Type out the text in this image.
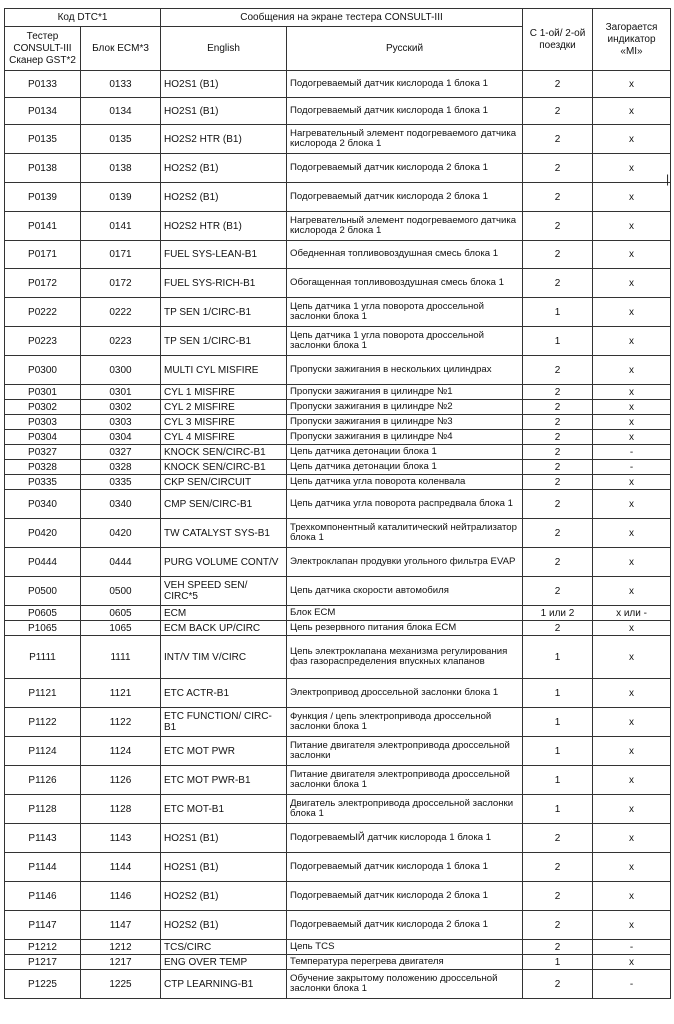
Код DTC*1		Сообщения на экране тестера CONSULT-III		С 1-ой/ 2-ой поездки	Загорается индикатор «MI»
Тестер CONSULT-III Сканер GST*2	Блок ECM*3	English	Русский		
P0133	0133	HO2S1 (B1)	Подогреваемый датчик кислорода 1 блока 1	2	x
P0134	0134	HO2S1 (B1)	Подогреваемый датчик кислорода 1 блока 1	2	x
P0135	0135	HO2S2 HTR (B1)	Нагревательный элемент подогреваемого датчика кислорода 2 блока 1	2	x
P0138	0138	HO2S2 (B1)	Подогреваемый датчик кислорода 2 блока 1	2	x
P0139	0139	HO2S2 (B1)	Подогреваемый датчик кислорода 2 блока 1	2	x
P0141	0141	HO2S2 HTR (B1)	Нагревательный элемент подогреваемого датчика кислорода 2 блока 1	2	x
P0171	0171	FUEL SYS-LEAN-B1	Обедненная топливовоздушная смесь блока 1	2	x
P0172	0172	FUEL SYS-RICH-B1	Обогащенная топливовоздушная смесь блока 1	2	x
P0222	0222	TP SEN 1/CIRC-B1	Цепь датчика 1 угла поворота дроссельной заслонки блока 1	1	x
P0223	0223	TP SEN 1/CIRC-B1	Цепь датчика 1 угла поворота дроссельной заслонки блока 1	1	x
P0300	0300	MULTI CYL MISFIRE	Пропуски зажигания в нескольких цилиндрах	2	x
P0301	0301	CYL 1 MISFIRE	Пропуски зажигания в цилиндре №1	2	x
P0302	0302	CYL 2 MISFIRE	Пропуски зажигания в цилиндре №2	2	x
P0303	0303	CYL 3 MISFIRE	Пропуски зажигания в цилиндре №3	2	x
P0304	0304	CYL 4 MISFIRE	Пропуски зажигания в цилиндре №4	2	x
P0327	0327	KNOCK SEN/CIRC-B1	Цепь датчика детонации блока 1	2	-
P0328	0328	KNOCK SEN/CIRC-B1	Цепь датчика детонации блока 1	2	-
P0335	0335	CKP SEN/CIRCUIT	Цепь датчика угла поворота коленвала	2	x
P0340	0340	CMP SEN/CIRC-B1	Цепь датчика угла поворота распредвала блока 1	2	x
P0420	0420	TW CATALYST SYS-B1	Трехкомпонентный каталитический нейтрализатор блока 1	2	x
P0444	0444	PURG VOLUME CONT/V	Электроклапан продувки угольного фильтра EVAP	2	x
P0500	0500	VEH SPEED SEN/ CIRC*5	Цепь датчика скорости автомобиля	2	x
P0605	0605	ECM	Блок ECM	1 или 2	x или -
P1065	1065	ECM BACK UP/CIRC	Цепь резервного питания блока ECM	2	x
P1111	1111	INT/V TIM V/CIRC	Цепь электроклапана механизма регулирования фаз газораспределения впускных клапанов	1	x
P1121	1121	ETC ACTR-B1	Электропривод дроссельной заслонки блока 1	1	x
P1122	1122	ETC FUNCTION/ CIRC-B1	Функция / цепь электропривода дроссельной заслонки блока 1	1	x
P1124	1124	ETC MOT PWR	Питание двигателя электропривода дроссельной заслонки	1	x
P1126	1126	ETC MOT PWR-B1	Питание двигателя электропривода дроссельной заслонки блока 1	1	x
P1128	1128	ETC MOT-B1	Двигатель электропривода дроссельной заслонки блока 1	1	x
P1143	1143	HO2S1 (B1)	ПодогреваемЫЙ датчик кислорода 1 блока 1	2	x
P1144	1144	HO2S1 (B1)	Подогреваемый датчик кислорода 1 блока 1	2	x
P1146	1146	HO2S2 (B1)	Подогреваемый датчик кислорода 2 блока 1	2	x
P1147	1147	HO2S2 (B1)	Подогреваемый датчик кислорода 2 блока 1	2	x
P1212	1212	TCS/CIRC	Цепь TCS	2	-
P1217	1217	ENG OVER TEMP	Температура перегрева двигателя	1	x
P1225	1225	CTP LEARNING-B1	Обучение закрытому положению дроссельной заслонки блока 1	2	-
|
